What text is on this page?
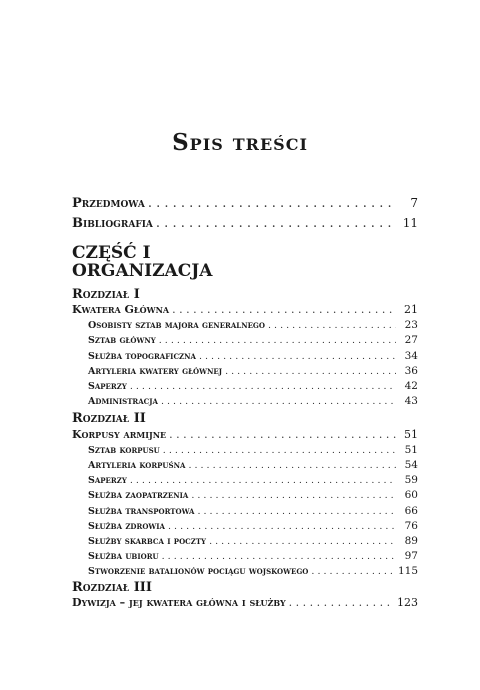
Spis treści
Przedmowa . . .	7
Bibliografia . . .	11
CZĘŚĆ I
ORGANIZACJA
Rozdział I
Kwatera Główna . . .	21
Osobisty sztab majora generalnego . . .	23
Sztab główny . . .	27
Służba topograficzna . . .	34
Artyleria kwatery głównej . . .	36
Saperzy . . .	42
Administracja . . .	43
Rozdział II
Korpusy armijne . . .	51
Sztab korpusu . . .	51
Artyleria korpuśna . . .	54
Saperzy . . .	59
Służba zaopatrzenia . . .	60
Służba transportowa . . .	66
Służba zdrowia . . .	76
Służby skarbca i poczty . . .	89
Służba ubioru . . .	97
Stworzenie batalionów pociągu wojskowego . . .	115
Rozdział III
Dywizja – jej kwatera główna i służby . . .	123
